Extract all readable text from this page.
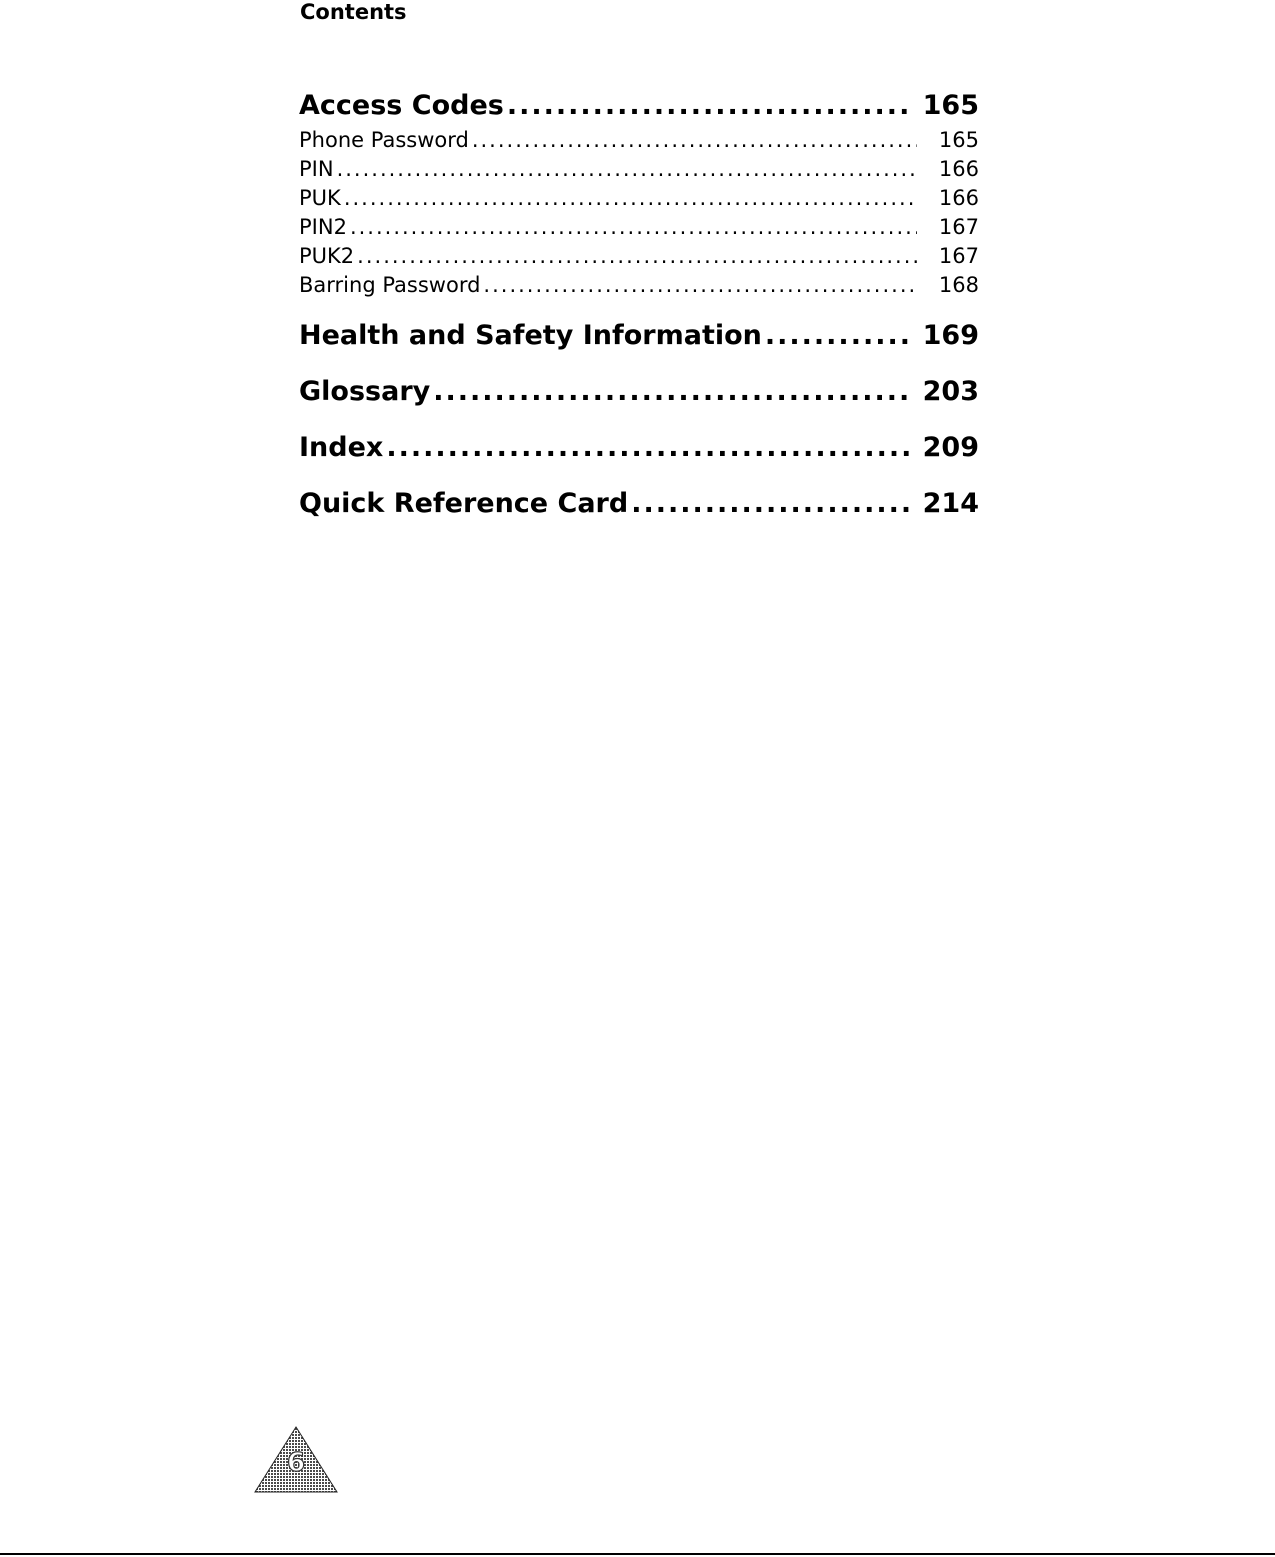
Contents
Access Codes .....	165
Phone Password .....	165
PIN .....	166
PUK .....	166
PIN2 .....	167
PUK2 .....	167
Barring Password .....	168
Health and Safety Information .....	169
Glossary .....	203
Index .....	209
Quick Reference Card .....	214
6
